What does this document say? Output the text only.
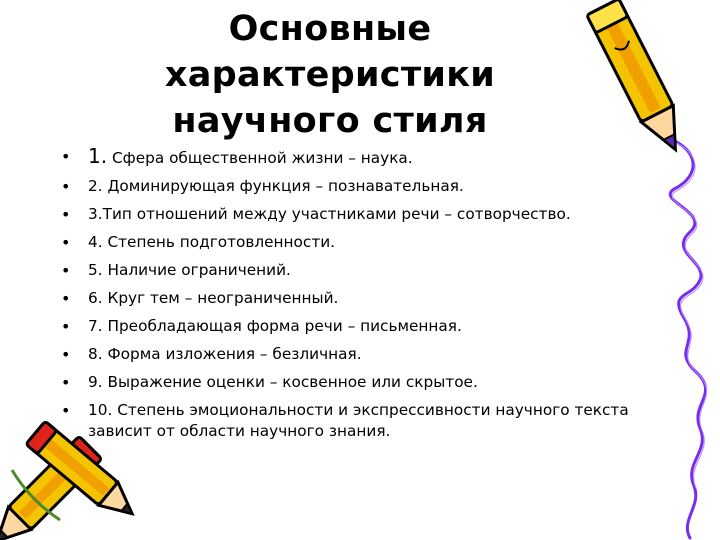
Основные
характеристики
научного стиля
• 1. Сфера общественной жизни – наука.
• 2. Доминирующая функция – познавательная.
• 3.Тип отношений между участниками речи – сотворчество.
• 4. Степень подготовленности.
• 5. Наличие ограничений.
• 6. Круг тем – неограниченный.
• 7. Преобладающая форма речи – письменная.
• 8. Форма изложения – безличная.
• 9. Выражение оценки – косвенное или скрытое.
• 10. Степень эмоциональности и экспрессивности научного текста зависит от области научного знания.
